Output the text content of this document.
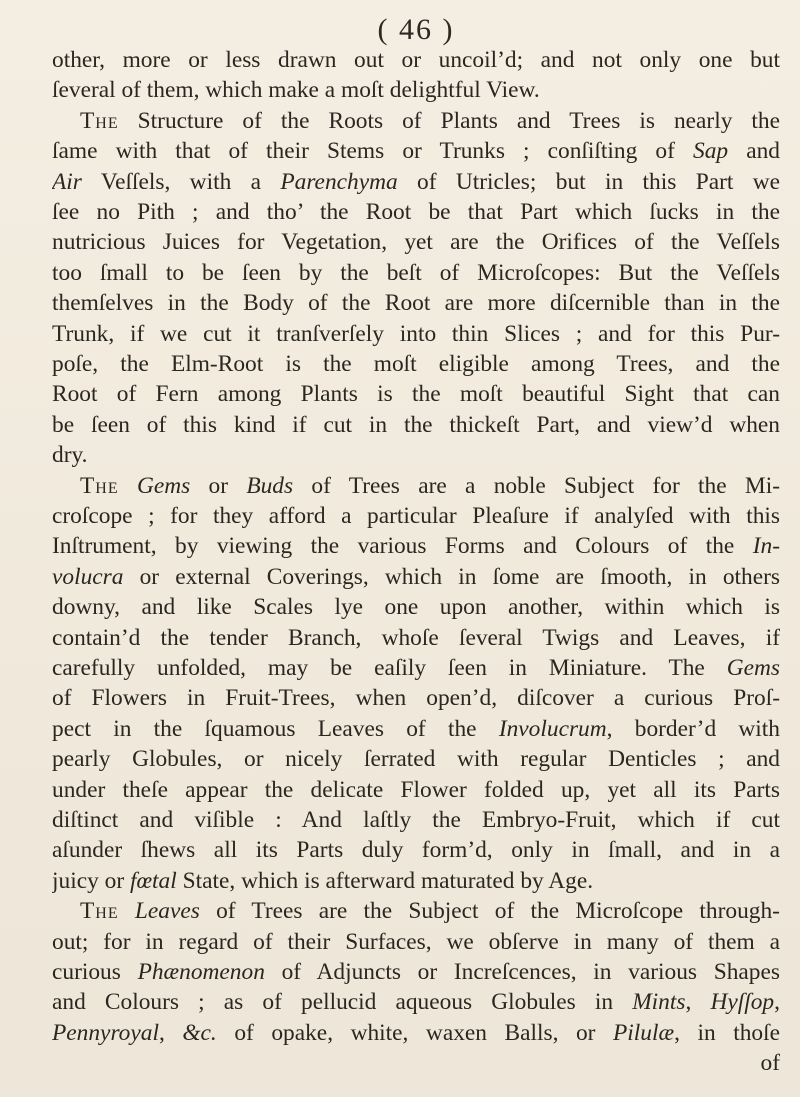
( 46 )
other, more or less drawn out or uncoil’d; and not only one but
ſeveral of them, which make a moſt delightful View.
The Structure of the Roots of Plants and Trees is nearly the
ſame with that of their Stems or Trunks ; conſiſting of Sap and
Air Veſſels, with a Parenchyma of Utricles; but in this Part we
ſee no Pith ; and tho’ the Root be that Part which ſucks in the
nutricious Juices for Vegetation, yet are the Orifices of the Veſſels
too ſmall to be ſeen by the beſt of Microſcopes: But the Veſſels
themſelves in the Body of the Root are more diſcernible than in the
Trunk, if we cut it tranſverſely into thin Slices ; and for this Pur-
poſe, the Elm-Root is the moſt eligible among Trees, and the
Root of Fern among Plants is the moſt beautiful Sight that can
be ſeen of this kind if cut in the thickeſt Part, and view’d when
dry.
The Gems or Buds of Trees are a noble Subject for the Mi-
croſcope ; for they afford a particular Pleaſure if analyſed with this
Inſtrument, by viewing the various Forms and Colours of the In-
volucra or external Coverings, which in ſome are ſmooth, in others
downy, and like Scales lye one upon another, within which is
contain’d the tender Branch, whoſe ſeveral Twigs and Leaves, if
carefully unfolded, may be eaſily ſeen in Miniature. The Gems
of Flowers in Fruit-Trees, when open’d, diſcover a curious Proſ-
pect in the ſquamous Leaves of the Involucrum, border’d with
pearly Globules, or nicely ſerrated with regular Denticles ; and
under theſe appear the delicate Flower folded up, yet all its Parts
diſtinct and viſible : And laſtly the Embryo-Fruit, which if cut
aſunder ſhews all its Parts duly form’d, only in ſmall, and in a
juicy or fœtal State, which is afterward maturated by Age.
The Leaves of Trees are the Subject of the Microſcope through-
out; for in regard of their Surfaces, we obſerve in many of them a
curious Phænomenon of Adjuncts or Increſcences, in various Shapes
and Colours ; as of pellucid aqueous Globules in Mints, Hyſſop,
Pennyroyal, &c. of opake, white, waxen Balls, or Pilulæ, in thoſe
of
